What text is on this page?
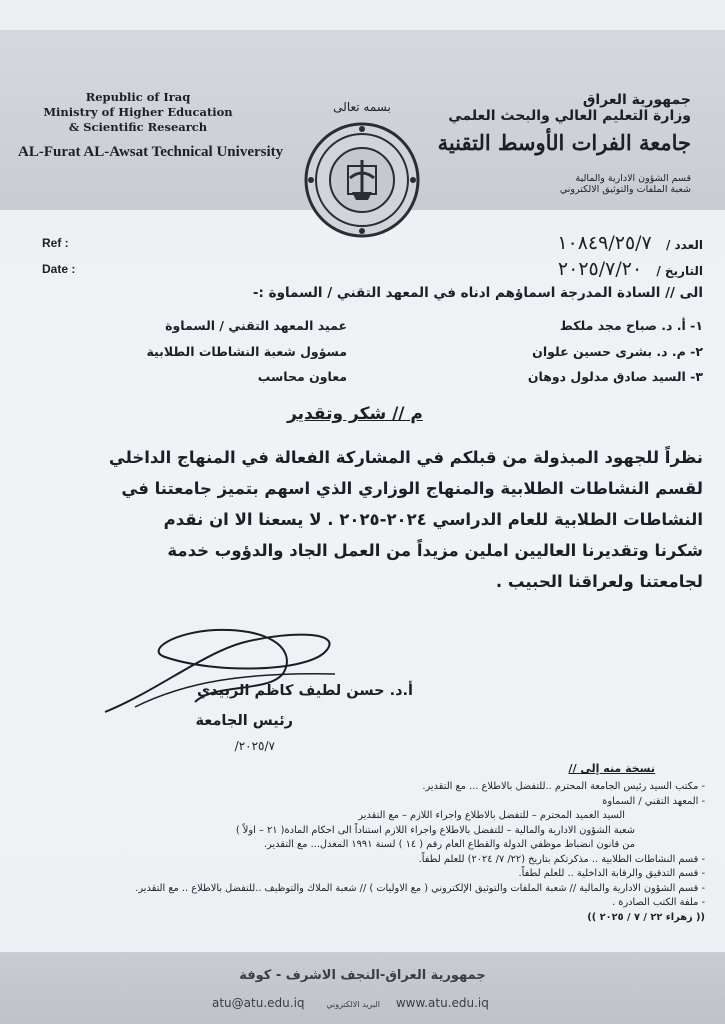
Republic of Iraq
Ministry of Higher Education
& Scientific Research
AL-Furat AL-Awsat Technical University
بسمه تعالى	جمهورية العراق
وزارة التعليم العالي والبحث العلمي
جامعة الفرات الأوسط التقنية
قسم الشؤون الادارية والمالية
شعبة الملفات والتوثيق الالكتروني
Ref :
Date :
العدد / ١٠٨٤٩/٢٥/٧
التاريخ / ٢٠٢٥/٧/٢٠
الى // السادة المدرجة اسماؤهم ادناه في المعهد التقني / السماوة :-
١- أ. د. صباح مجد ملكط
عميد المعهد التقني / السماوة
٢- م. د. بشرى حسين علوان
مسؤول شعبة النشاطات الطلابية
٣- السيد صادق مدلول دوهان
معاون محاسب
م // شكر وتقدير
نظراً للجهود المبذولة من قبلكم في المشاركة الفعالة في المنهاج الداخلي
لقسم النشاطات الطلابية والمنهاج الوزاري الذي اسهم بتميز جامعتنا في
النشاطات الطلابية للعام الدراسي ٢٠٢٤-٢٠٢٥ . لا يسعنا الا ان نقدم
شكرنا وتقديرنا العاليين املين مزيداً من العمل الجاد والدؤوب خدمة
لجامعتنا ولعراقنا الحبيب .
أ.د. حسن لطيف كاظم الزبيدي
رئيس الجامعة
٢٠٢٥/٧/
نسخة منه إلى //
- مكتب السيد رئيس الجامعة المحترم ..للتفضل بالاطلاع ... مع التقدير.
- المعهد التقني / السماوة
السيد العميد المحترم – للتفضل بالاطلاع واجراء اللازم – مع التقدير
شعبة الشؤون الادارية والمالية – للتفضل بالاطلاع واجراء اللازم استناداً الى احكام المادة( ٢١ – اولاً )
من قانون انضباط موظفي الدولة والقطاع العام رقم ( ١٤ ) لسنة ١٩٩١ المعدل... مع التقدير.
- قسم النشاطات الطلابية .. مذكرتكم بتاريخ (٢٢/ ٧/ ٢٠٢٤) للعلم لطفاً.
- قسم التدقيق والرقابة الداخلية .. للعلم لطفاً.
- قسم الشؤون الادارية والمالية // شعبة الملفات والتوثيق الإلكتروني ( مع الاوليات ) // شعبة الملاك والتوظيف ..للتفضل بالاطلاع .. مع التقدير.
- ملفة الكتب الصادرة .
(( زهراء ٢٢ / ٧ / ٢٠٢٥ ))
جمهورية العراق-النجف الاشرف - كوفة
atu@atu.edu.iq	البريد الالكتروني www.atu.edu.iq
